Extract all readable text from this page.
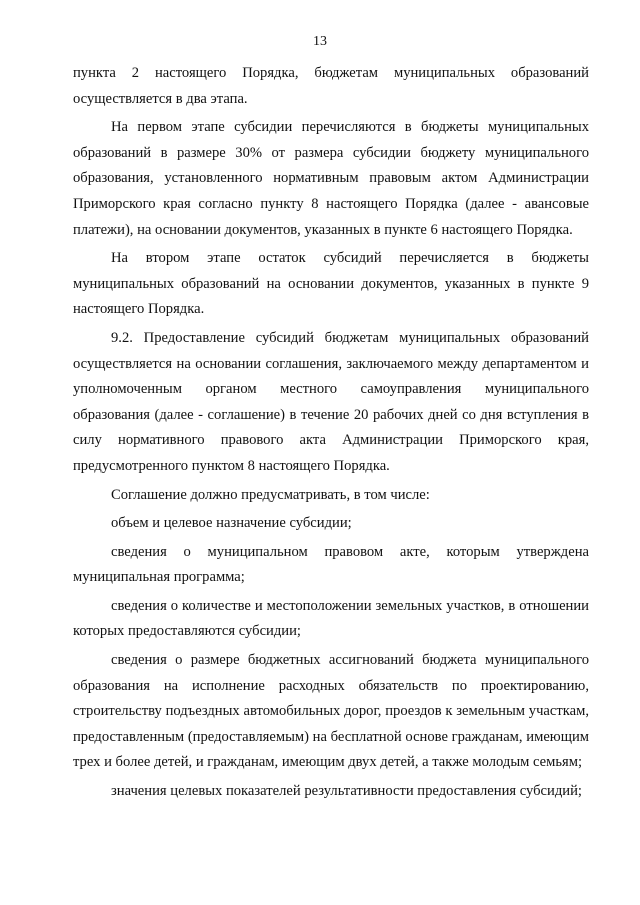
13

пункта 2 настоящего Порядка, бюджетам муниципальных образований осуществляется в два этапа.

На первом этапе субсидии перечисляются в бюджеты муниципальных образований в размере 30% от размера субсидии бюджету муниципального образования, установленного нормативным правовым актом Администрации Приморского края согласно пункту 8 настоящего Порядка (далее - авансовые платежи), на основании документов, указанных в пункте 6 настоящего Порядка.

На втором этапе остаток субсидий перечисляется в бюджеты муниципальных образований на основании документов, указанных в пункте 9 настоящего Порядка.

9.2. Предоставление субсидий бюджетам муниципальных образований осуществляется на основании соглашения, заключаемого между департаментом и уполномоченным органом местного самоуправления муниципального образования (далее - соглашение) в течение 20 рабочих дней со дня вступления в силу нормативного правового акта Администрации Приморского края, предусмотренного пунктом 8 настоящего Порядка.

Соглашение должно предусматривать, в том числе:

объем и целевое назначение субсидии;

сведения о муниципальном правовом акте, которым утверждена муниципальная программа;

сведения о количестве и местоположении земельных участков, в отношении которых предоставляются субсидии;

сведения о размере бюджетных ассигнований бюджета муниципального образования на исполнение расходных обязательств по проектированию, строительству подъездных автомобильных дорог, проездов к земельным участкам, предоставленным (предоставляемым) на бесплатной основе гражданам, имеющим трех и более детей, и гражданам, имеющим двух детей, а также молодым семьям;

значения целевых показателей результативности предоставления субсидий;
